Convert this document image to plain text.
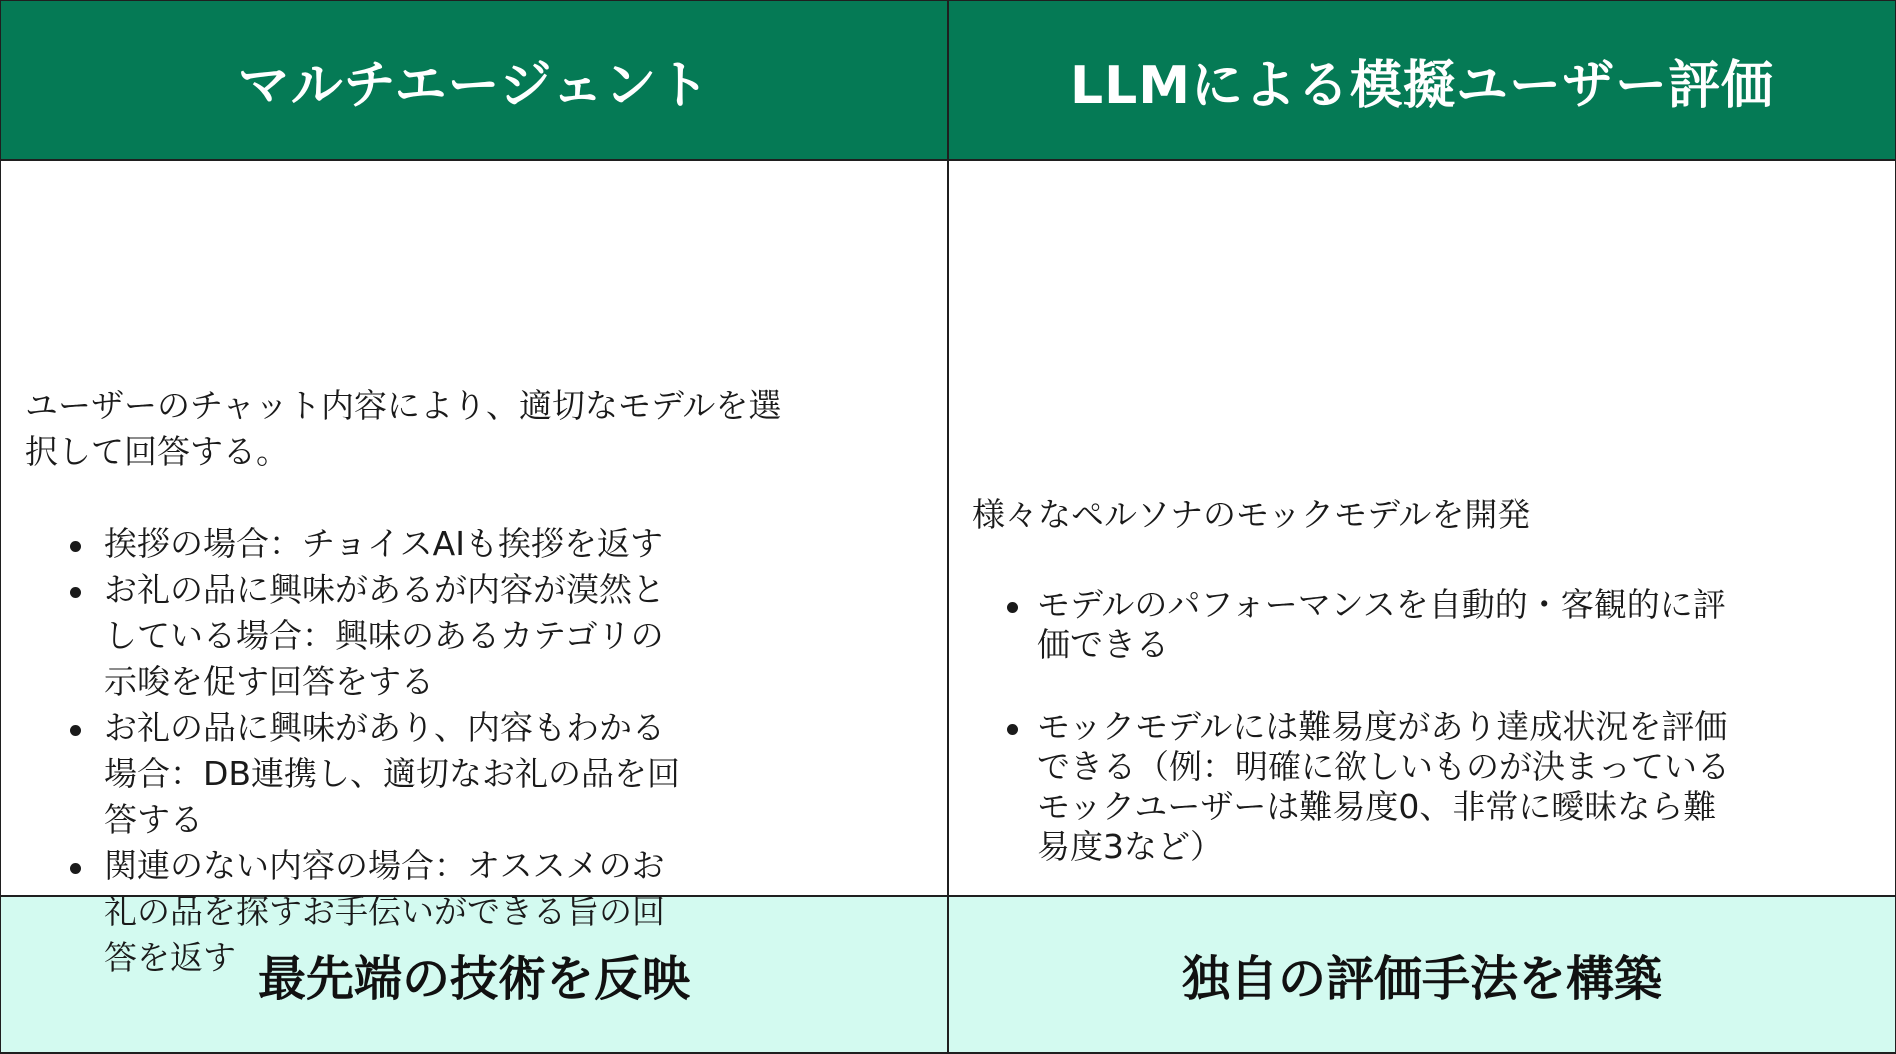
マルチエージェント	LLMによる模擬ユーザー評価

ユーザーのチャット内容により、適切なモデルを選択して回答する。

挨拶の場合：チョイスAIも挨拶を返す
お礼の品に興味があるが内容が漠然としている場合：興味のあるカテゴリの示唆を促す回答をする
お礼の品に興味があり、内容もわかる場合：DB連携し、適切なお礼の品を回答する
関連のない内容の場合：オススメのお礼の品を探すお手伝いができる旨の回答を返す

様々なペルソナのモックモデルを開発

モデルのパフォーマンスを自動的・客観的に評価できる
モックモデルには難易度があり達成状況を評価できる（例：明確に欲しいものが決まっているモックユーザーは難易度0、非常に曖昧なら難易度3など）
最先端の技術を反映	独自の評価手法を構築
